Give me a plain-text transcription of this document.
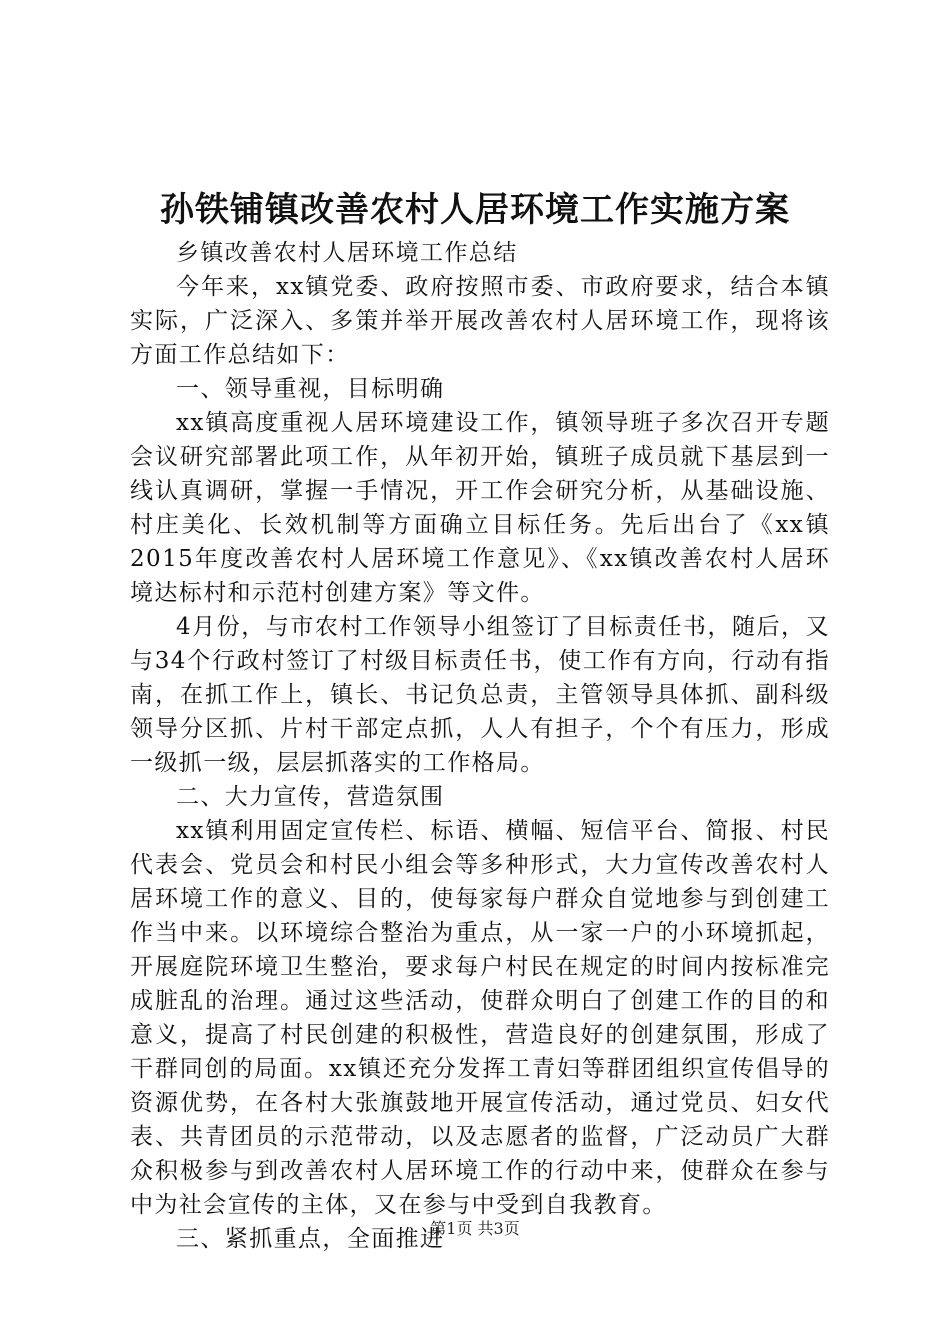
孙铁铺镇改善农村人居环境工作实施方案

乡镇改善农村人居环境工作总结

今年来，xx镇党委、政府按照市委、市政府要求，结合本镇实际，广泛深入、多策并举开展改善农村人居环境工作，现将该方面工作总结如下：

一、领导重视，目标明确

xx镇高度重视人居环境建设工作，镇领导班子多次召开专题会议研究部署此项工作，从年初开始，镇班子成员就下基层到一线认真调研，掌握一手情况，开工作会研究分析，从基础设施、村庄美化、长效机制等方面确立目标任务。先后出台了《xx镇2015年度改善农村人居环境工作意见》、《xx镇改善农村人居环境达标村和示范村创建方案》等文件。

4月份，与市农村工作领导小组签订了目标责任书，随后，又与34个行政村签订了村级目标责任书，使工作有方向，行动有指南，在抓工作上，镇长、书记负总责，主管领导具体抓、副科级领导分区抓、片村干部定点抓，人人有担子，个个有压力，形成一级抓一级，层层抓落实的工作格局。

二、大力宣传，营造氛围

xx镇利用固定宣传栏、标语、横幅、短信平台、简报、村民代表会、党员会和村民小组会等多种形式，大力宣传改善农村人居环境工作的意义、目的，使每家每户群众自觉地参与到创建工作当中来。以环境综合整治为重点，从一家一户的小环境抓起，开展庭院环境卫生整治，要求每户村民在规定的时间内按标准完成脏乱的治理。通过这些活动，使群众明白了创建工作的目的和意义，提高了村民创建的积极性，营造良好的创建氛围，形成了干群同创的局面。xx镇还充分发挥工青妇等群团组织宣传倡导的资源优势，在各村大张旗鼓地开展宣传活动，通过党员、妇女代表、共青团员的示范带动，以及志愿者的监督，广泛动员广大群众积极参与到改善农村人居环境工作的行动中来，使群众在参与中为社会宣传的主体，又在参与中受到自我教育。

三、紧抓重点，全面推进

第1页 共3页
